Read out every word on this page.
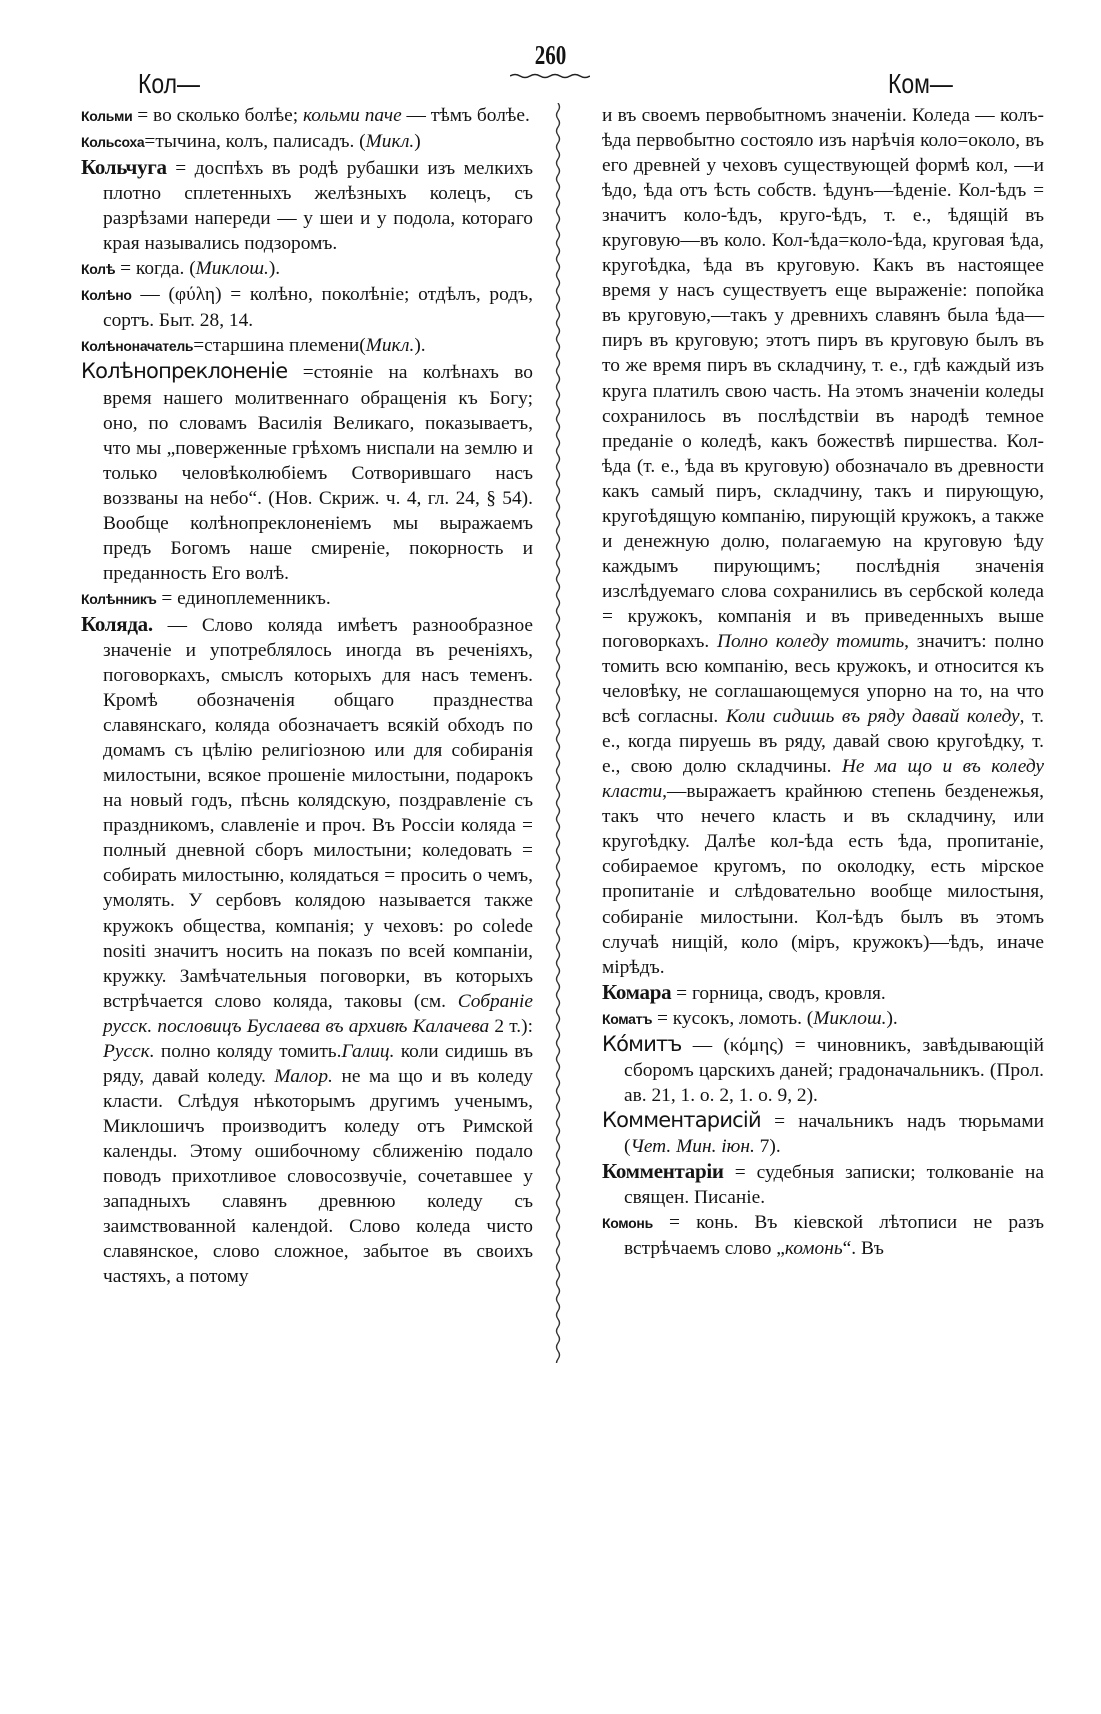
260
Кол—	Ком—

Кольми = во сколько болѣе; кольми паче — тѣмъ болѣе.

Кольсоха=тычина, колъ, палисадъ. (Микл.)

Кольчуга = доспѣхъ въ родѣ рубашки изъ мелкихъ плотно сплетенныхъ желѣзныхъ колецъ, съ разрѣзами напереди — у шеи и у подола, котораго края назывались подзоромъ.

Колѣ = когда. (Миклош.).

Колѣно — (φύλη) = колѣно, поколѣніе; отдѣлъ, родъ, сортъ. Быт. 28, 14.

Колѣноначатель=старшина племени(Микл.).

Колѣнопреклоненіе =стояніе на колѣнахъ во время нашего молитвеннаго обращенія къ Богу; оно, по словамъ Василія Великаго, показываетъ, что мы „поверженные грѣхомъ ниспали на землю и только человѣколюбіемъ Сотворившаго насъ воззваны на небо“. (Нов. Скриж. ч. 4, гл. 24, § 54). Вообще колѣнопреклоненіемъ мы выражаемъ предъ Богомъ наше смиреніе, покорность и преданность Его волѣ.

Колѣнникъ = единоплеменникъ.

Коляда. — Слово коляда имѣетъ разнообразное значеніе и употреблялось иногда въ реченіяхъ, поговоркахъ, смыслъ которыхъ для насъ теменъ. Кромѣ обозначенія общаго празднества славянскаго, коляда обозначаетъ всякій обходъ по домамъ съ цѣлію религіозною или для собиранія милостыни, всякое прошеніе милостыни, подарокъ на новый годъ, пѣснь колядскую, поздравленіе съ праздникомъ, славленіе и проч. Въ Россіи коляда = полный дневной сборъ милостыни; коледовать = собирать милостыню, колядаться = просить о чемъ, умолять. У сербовъ колядою называется также кружокъ общества, компанія; у чеховъ: po colede nositi значитъ носить на показъ по всей компаніи, кружку. Замѣчательныя поговорки, въ которыхъ встрѣчается слово коляда, таковы (см. Собраніе русск. пословицъ Буслаева въ архивѣ Калачева 2 т.): Русск. полно коляду томить.Галиц. коли сидишь въ ряду, давай коледу. Малор. не ма що и въ коледу класти. Слѣдуя нѣкоторымъ другимъ ученымъ, Миклошичъ производитъ коледу отъ Римской календы. Этому ошибочному сближенію подало поводъ прихотливое словосозвучіе, сочетавшее у западныхъ славянъ древнюю коледу съ заимствованной календой. Слово коледа чисто славянское, слово сложное, забытое въ своихъ частяхъ, а потому

и въ своемъ первобытномъ значеніи. Коледа — колъ-ѣда первобытно состояло изъ нарѣчія коло=около, въ его древней у чеховъ существующей формѣ кол, —и ѣдо, ѣда отъ ѣсть собств. ѣдунъ—ѣденіе. Кол-ѣдъ = значитъ коло-ѣдъ, круго-ѣдъ, т. е., ѣдящій въ круговую—въ коло. Кол-ѣда=коло-ѣда, круговая ѣда, кругоѣдка, ѣда въ круговую. Какъ въ настоящее время у насъ существуетъ еще выраженіе: попойка въ круговую,—такъ у древнихъ славянъ была ѣда—пиръ въ круговую; этотъ пиръ въ круговую былъ въ то же время пиръ въ складчину, т. е., гдѣ каждый изъ круга платилъ свою часть. На этомъ значеніи коледы сохранилось въ послѣдствіи въ народѣ темное преданіе о коледѣ, какъ божествѣ пиршества. Кол-ѣда (т. е., ѣда въ круговую) обозначало въ древности какъ самый пиръ, складчину, такъ и пирующую, кругоѣдящую компанію, пирующій кружокъ, а также и денежную долю, полагаемую на круговую ѣду каждымъ пирующимъ; послѣднія значенія изслѣдуемаго слова сохранились въ сербской коледа = кружокъ, компанія и въ приведенныхъ выше поговоркахъ. Полно коледу томить, значитъ: полно томить всю компанію, весь кружокъ, и относится къ человѣку, не соглашающемуся упорно на то, на что всѣ согласны. Коли сидишь въ ряду давай коледу, т. е., когда пируешь въ ряду, давай свою кругоѣдку, т. е., свою долю складчины. Не ма що и въ коледу класти,—выражаетъ крайнюю степень безденежья, такъ что нечего класть и въ складчину, или кругоѣдку. Далѣе кол-ѣда есть ѣда, пропитаніе, собираемое кругомъ, по околодку, есть мірское пропитаніе и слѣдовательно вообще милостыня, собираніе милостыни. Кол-ѣдъ былъ въ этомъ случаѣ нищій, коло (міръ, кружокъ)—ѣдъ, иначе мірѣдъ.

Комара = горница, сводъ, кровля.

Коматъ = кусокъ, ломоть. (Миклош.).

Ко́митъ — (κόμης) = чиновникъ, завѣдывающій сборомъ царскихъ даней; градоначальникъ. (Прол. ав. 21, 1. о. 2, 1. о. 9, 2).

Комментарисій = начальникъ надъ тюрьмами (Чет. Мин. іюн. 7).

Комментаріи = судебныя записки; толкованіе на священ. Писаніе.

Комонь = конь. Въ кіевской лѣтописи не разъ встрѣчаемъ слово „комонь“. Въ
